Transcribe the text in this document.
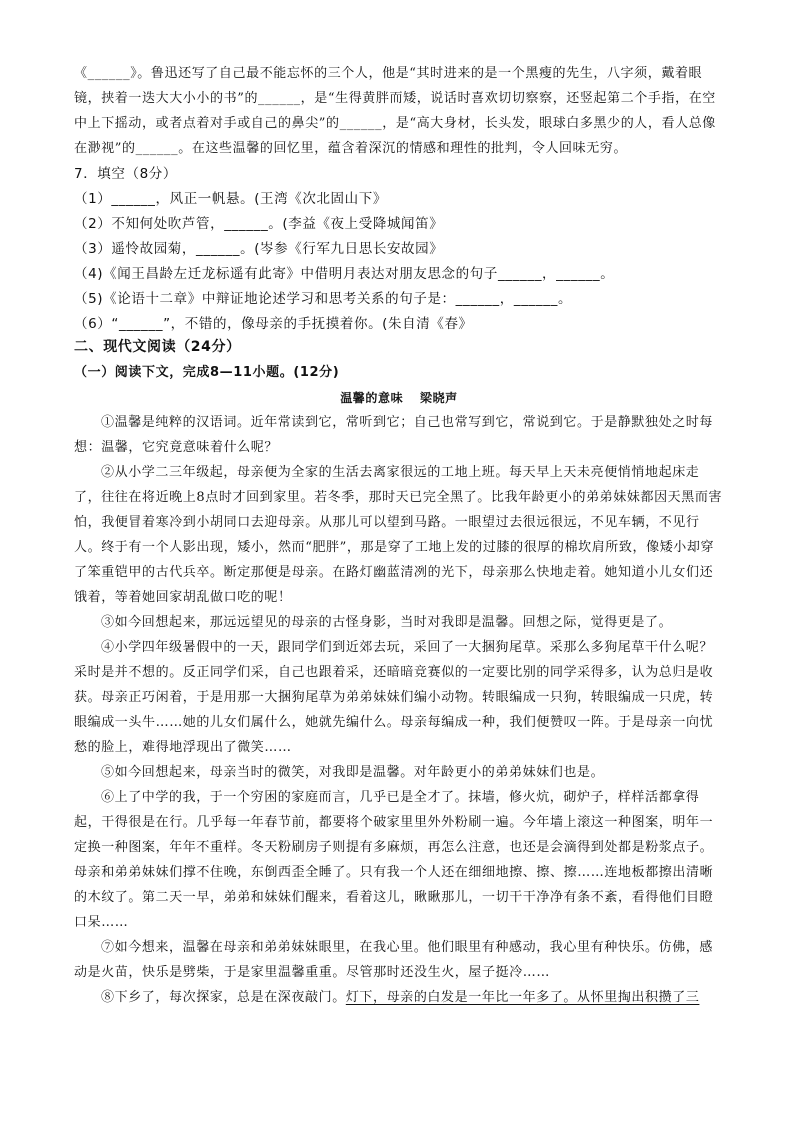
《______》。鲁迅还写了自己最不能忘怀的三个人，他是“其时进来的是一个黑瘦的先生，八字须，戴着眼镜，挟着一迭大大小小的书”的______，是“生得黄胖而矮，说话时喜欢切切察察，还竖起第二个手指，在空中上下摇动，或者点着对手或自己的鼻尖”的______，是“高大身材，长头发，眼球白多黑少的人，看人总像在渺视”的______。在这些温馨的回忆里，蕴含着深沉的情感和理性的批判，令人回味无穷。

7．填空（8分）

（1）______，风正一帆悬。(王湾《次北固山下》

（2）不知何处吹芦管，______。(李益《夜上受降城闻笛》

（3）遥怜故园菊，______。(岑参《行军九日思长安故园》

（4)《闻王昌龄左迁龙标遥有此寄》中借明月表达对朋友思念的句子______，______。

（5)《论语十二章》中辩证地论述学习和思考关系的句子是：______，______。

（6）“______”，不错的，像母亲的手抚摸着你。(朱自清《春》

二、现代文阅读（24分）
（一）阅读下文，完成8—11小题。(12分)
温馨的意味 梁晓声

①温馨是纯粹的汉语词。近年常读到它，常听到它；自己也常写到它，常说到它。于是静默独处之时每想：温馨，它究竟意味着什么呢？

②从小学二三年级起，母亲便为全家的生活去离家很远的工地上班。每天早上天未亮便悄悄地起床走了，往往在将近晚上8点时才回到家里。若冬季，那时天已完全黑了。比我年龄更小的弟弟妹妹都因天黑而害怕，我便冒着寒冷到小胡同口去迎母亲。从那儿可以望到马路。一眼望过去很远很远，不见车辆，不见行人。终于有一个人影出现，矮小，然而“肥胖”，那是穿了工地上发的过膝的很厚的棉坎肩所致，像矮小却穿了笨重铠甲的古代兵卒。断定那便是母亲。在路灯幽蓝清冽的光下，母亲那么快地走着。她知道小儿女们还饿着，等着她回家胡乱做口吃的呢！

③如今回想起来，那远远望见的母亲的古怪身影，当时对我即是温馨。回想之际，觉得更是了。

④小学四年级暑假中的一天，跟同学们到近郊去玩，采回了一大捆狗尾草。采那么多狗尾草干什么呢？采时是并不想的。反正同学们采，自己也跟着采，还暗暗竞赛似的一定要比别的同学采得多，认为总归是收获。母亲正巧闲着，于是用那一大捆狗尾草为弟弟妹妹们编小动物。转眼编成一只狗，转眼编成一只虎，转眼编成一头牛……她的儿女们属什么，她就先编什么。母亲每编成一种，我们便赞叹一阵。于是母亲一向忧愁的脸上，难得地浮现出了微笑……

⑤如今回想起来，母亲当时的微笑，对我即是温馨。对年龄更小的弟弟妹妹们也是。

⑥上了中学的我，于一个穷困的家庭而言，几乎已是全才了。抹墙，修火炕，砌炉子，样样活都拿得起，干得很是在行。几乎每一年春节前，都要将个破家里里外外粉刷一遍。今年墙上滚这一种图案，明年一定换一种图案，年年不重样。冬天粉刷房子则提有多麻烦，再怎么注意，也还是会滴得到处都是粉浆点子。母亲和弟弟妹妹们撑不住晚，东倒西歪全睡了。只有我一个人还在细细地擦、擦、擦……连地板都擦出清晰的木纹了。第二天一早，弟弟和妹妹们醒来，看着这儿，瞅瞅那儿，一切干干净净有条不紊，看得他们目瞪口呆……

⑦如今想来，温馨在母亲和弟弟妹妹眼里，在我心里。他们眼里有种感动，我心里有种快乐。仿佛，感动是火苗，快乐是劈柴，于是家里温馨重重。尽管那时还没生火，屋子挺冷……

⑧下乡了，每次探家，总是在深夜敲门。灯下，母亲的白发是一年比一年多了。从怀里掏出积攒了三
